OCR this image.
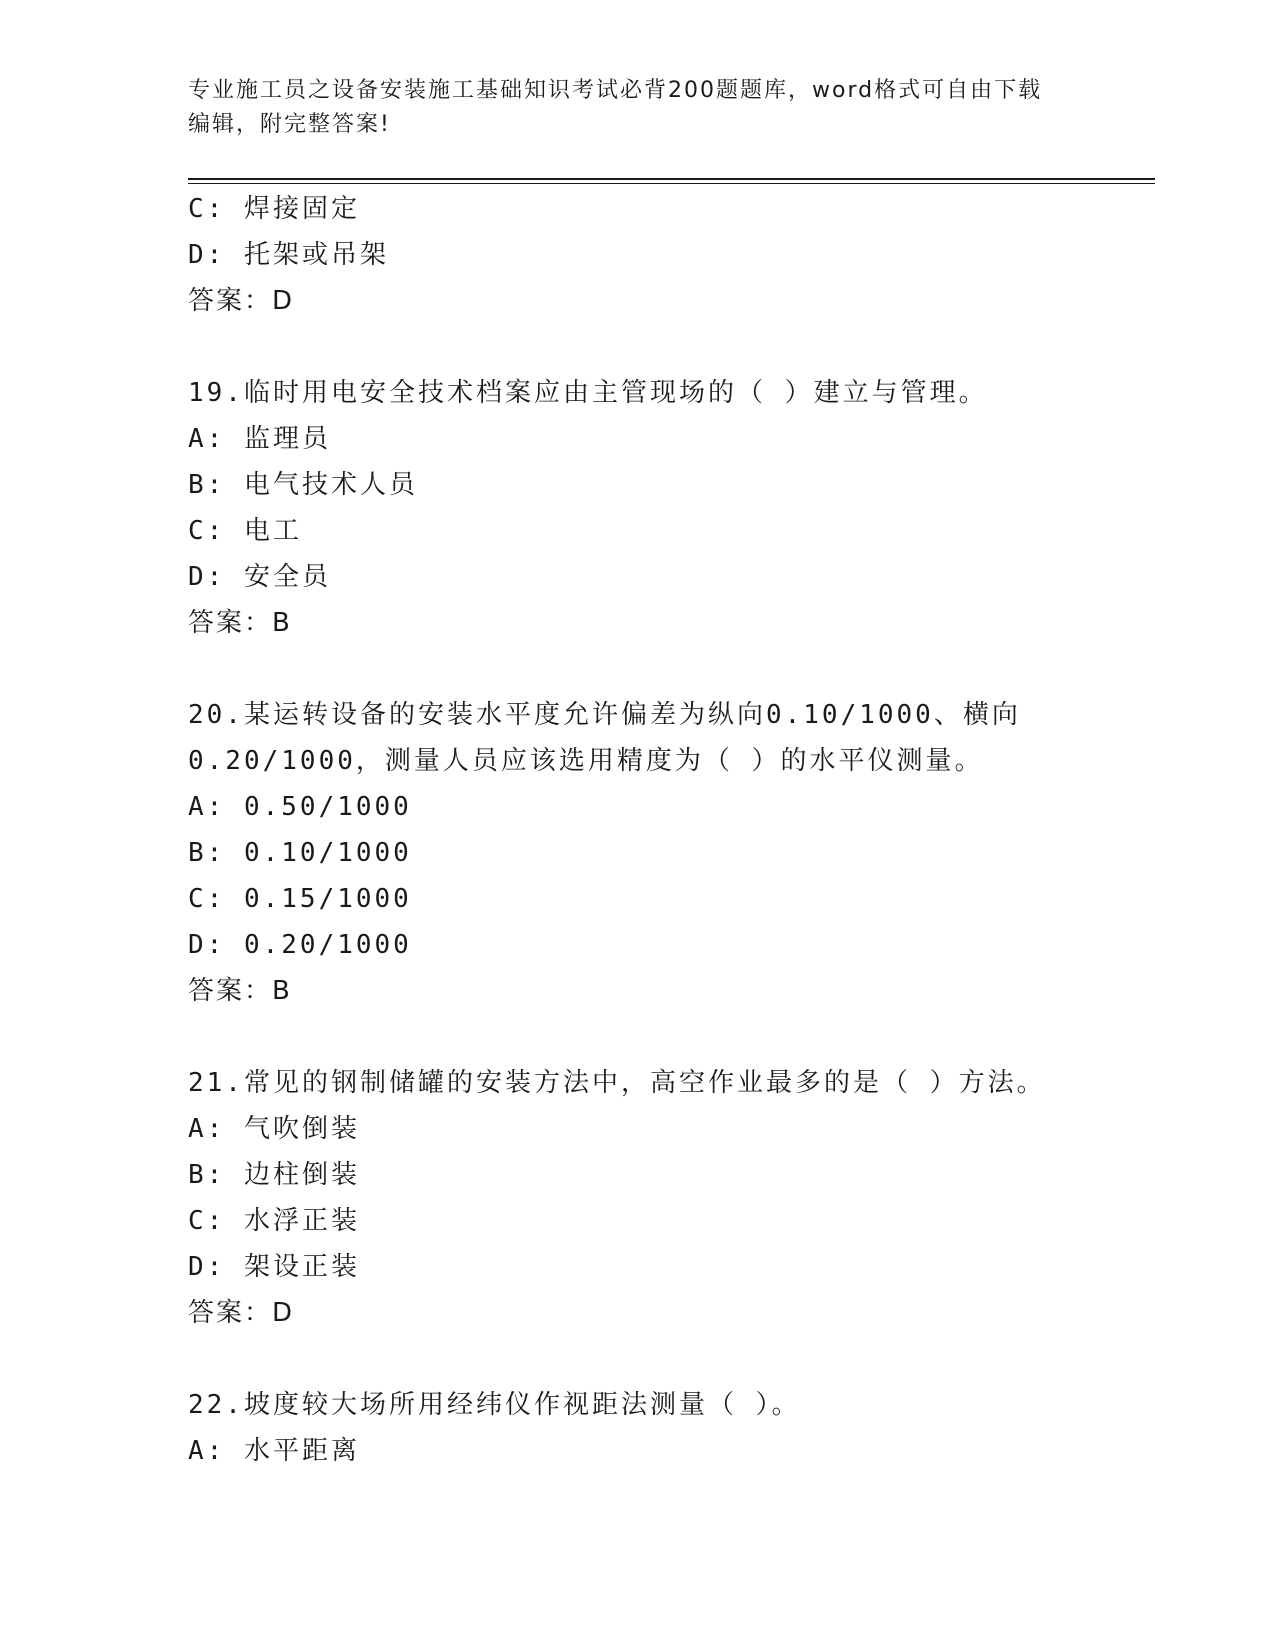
专业施工员之设备安装施工基础知识考试必背200题题库，word格式可自由下载
编辑，附完整答案!
C: 焊接固定
D: 托架或吊架
答案：D
19.临时用电安全技术档案应由主管现场的（ ）建立与管理。
A: 监理员
B: 电气技术人员
C: 电工
D: 安全员
答案：B
20.某运转设备的安装水平度允许偏差为纵向0.10/1000、横向
0.20/1000，测量人员应该选用精度为（ ）的水平仪测量。
A: 0.50/1000
B: 0.10/1000
C: 0.15/1000
D: 0.20/1000
答案：B
21.常见的钢制储罐的安装方法中，高空作业最多的是（ ）方法。
A: 气吹倒装
B: 边柱倒装
C: 水浮正装
D: 架设正装
答案：D
22.坡度较大场所用经纬仪作视距法测量（ ）。
A: 水平距离
